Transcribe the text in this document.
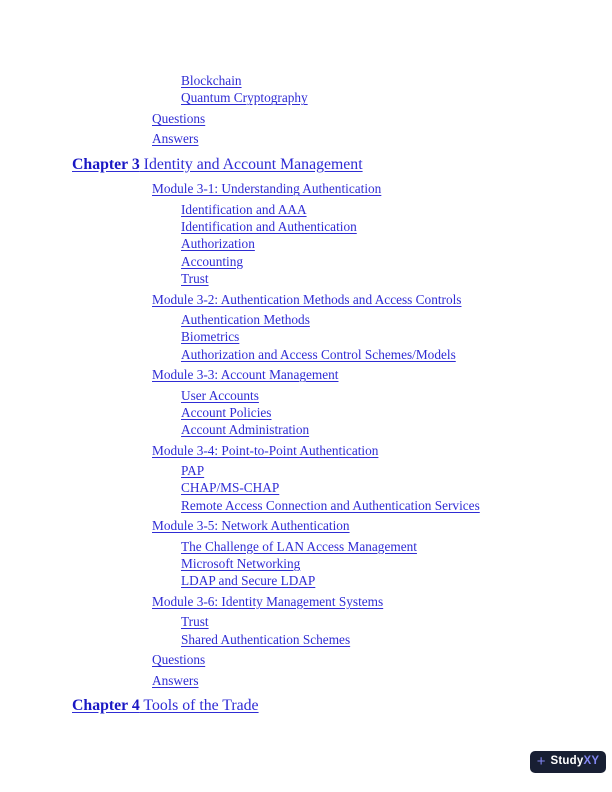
Blockchain
Quantum Cryptography
Questions
Answers
Chapter 3 Identity and Account Management
Module 3-1: Understanding Authentication
Identification and AAA
Identification and Authentication
Authorization
Accounting
Trust
Module 3-2: Authentication Methods and Access Controls
Authentication Methods
Biometrics
Authorization and Access Control Schemes/Models
Module 3-3: Account Management
User Accounts
Account Policies
Account Administration
Module 3-4: Point-to-Point Authentication
PAP
CHAP/MS-CHAP
Remote Access Connection and Authentication Services
Module 3-5: Network Authentication
The Challenge of LAN Access Management
Microsoft Networking
LDAP and Secure LDAP
Module 3-6: Identity Management Systems
Trust
Shared Authentication Schemes
Questions
Answers
Chapter 4 Tools of the Trade
+ StudyXY
